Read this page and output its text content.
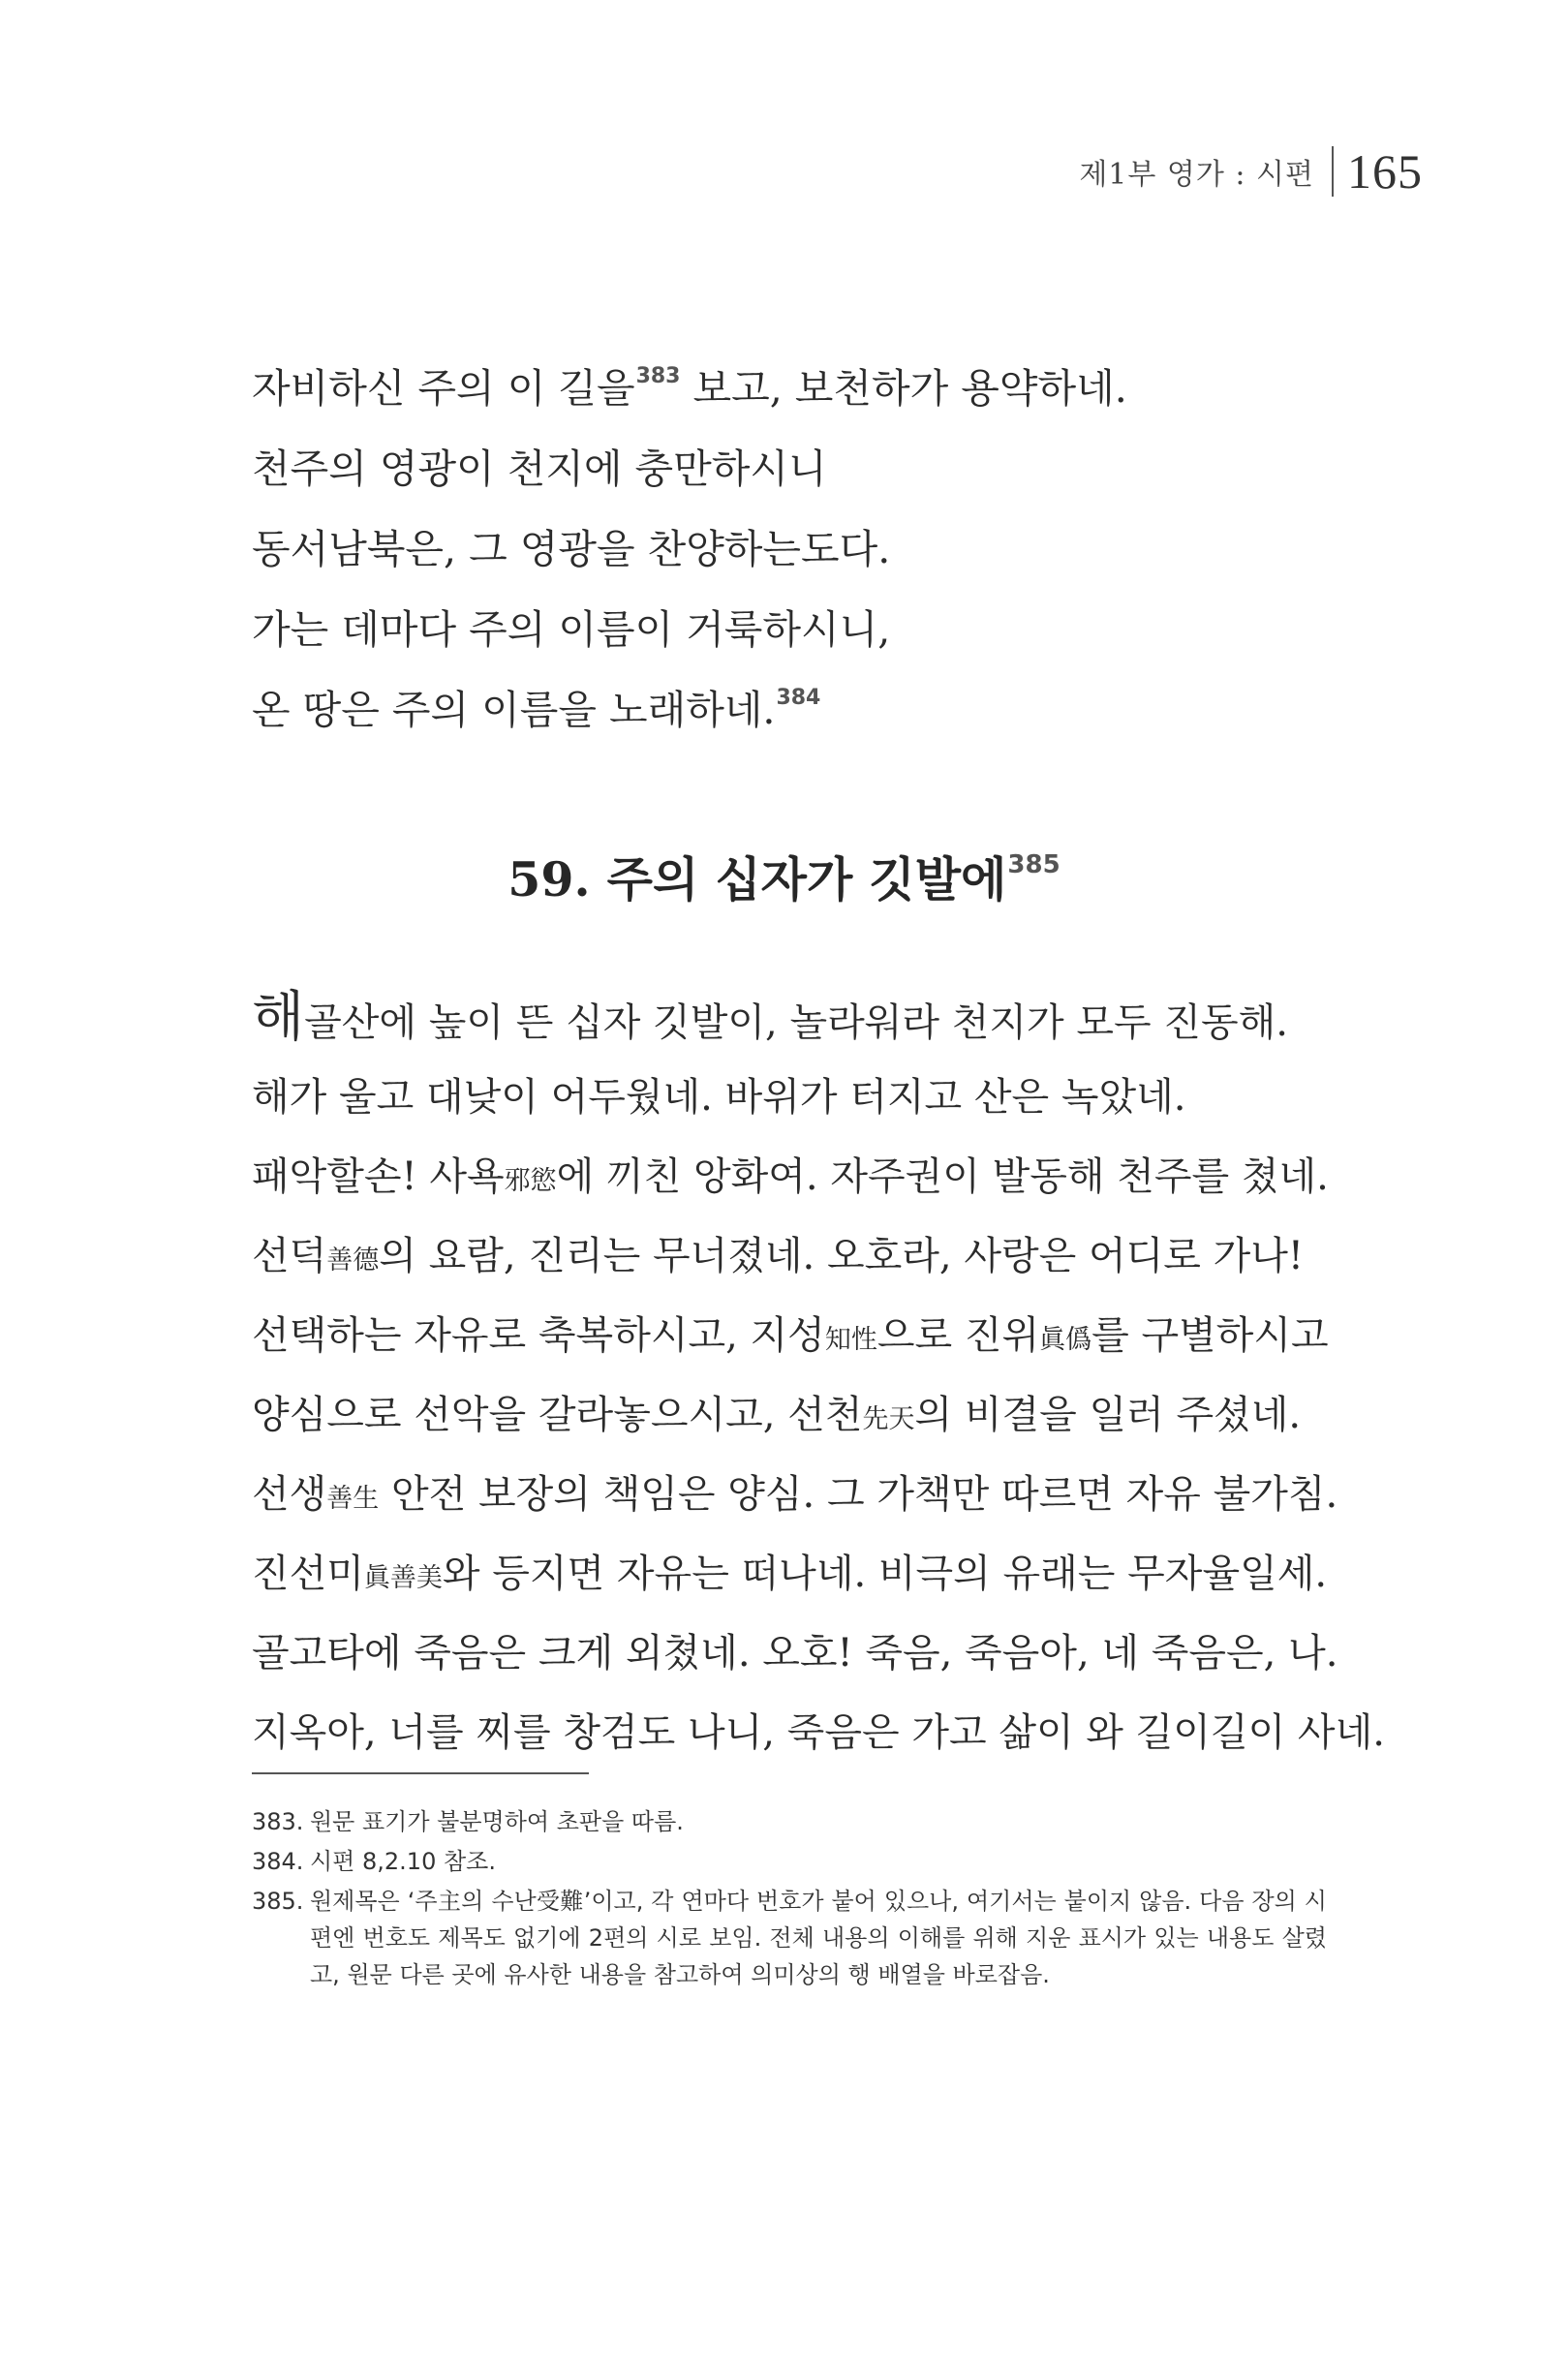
제1부 영가 : 시편 165
자비하신 주의 이 길을$^{383}$ 보고, 보천하가 용약하네.
천주의 영광이 천지에 충만하시니
동서남북은, 그 영광을 찬양하는도다.
가는 데마다 주의 이름이 거룩하시니,
온 땅은 주의 이름을 노래하네.$^{384}$
59. 주의 십자가 깃발에$^{385}$
해골산에 높이 뜬 십자 깃발이, 놀라워라 천지가 모두 진동해.
해가 울고 대낮이 어두웠네. 바위가 터지고 산은 녹았네.
패악할손! 사욕邪慾에 끼친 앙화여. 자주권이 발동해 천주를 쳤네.
선덕善德의 요람, 진리는 무너졌네. 오호라, 사랑은 어디로 가나!
선택하는 자유로 축복하시고, 지성知性으로 진위眞僞를 구별하시고
양심으로 선악을 갈라놓으시고, 선천先天의 비결을 일러 주셨네.
선생善生 안전 보장의 책임은 양심. 그 가책만 따르면 자유 불가침.
진선미眞善美와 등지면 자유는 떠나네. 비극의 유래는 무자율일세.
골고타에 죽음은 크게 외쳤네. 오호! 죽음, 죽음아, 네 죽음은, 나.
지옥아, 너를 찌를 창검도 나니, 죽음은 가고 삶이 와 길이길이 사네.
383. 원문 표기가 불분명하여 초판을 따름.
384. 시편 8,2.10 참조.
385. 원제목은 ‘주主의 수난受難’이고, 각 연마다 번호가 붙어 있으나, 여기서는 붙이지 않음. 다음 장의 시편엔 번호도 제목도 없기에 2편의 시로 보임. 전체 내용의 이해를 위해 지운 표시가 있는 내용도 살렸고, 원문 다른 곳에 유사한 내용을 참고하여 의미상의 행 배열을 바로잡음.
